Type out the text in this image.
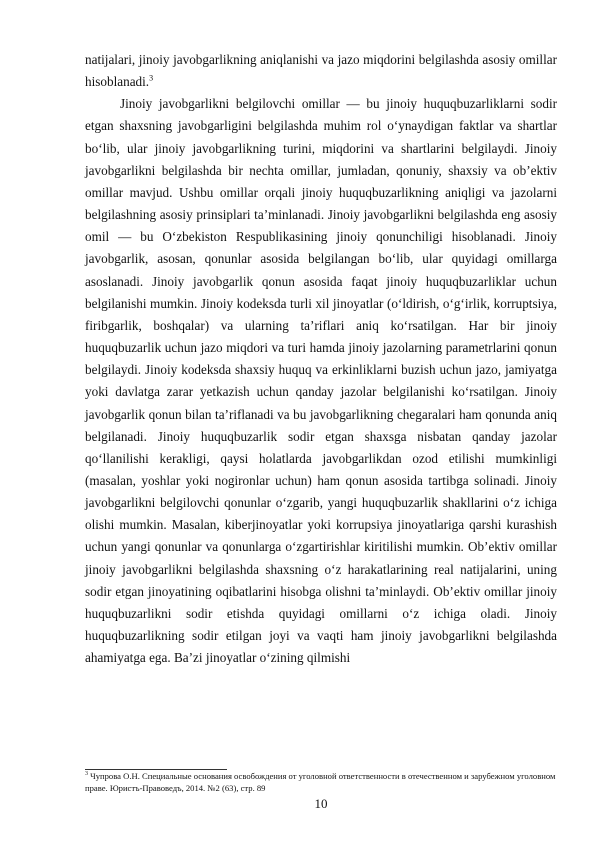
natijalari, jinoiy javobgarlikning aniqlanishi va jazo miqdorini belgilashda asosiy omillar hisoblanadi.$^3$

Jinoiy javobgarlikni belgilovchi omillar — bu jinoiy huquqbuzarliklarni sodir etgan shaxsning javobgarligini belgilashda muhim rol o‘ynaydigan faktlar va shartlar bo‘lib, ular jinoiy javobgarlikning turini, miqdorini va shartlarini belgilaydi. Jinoiy javobgarlikni belgilashda bir nechta omillar, jumladan, qonuniy, shaxsiy va ob’ektiv omillar mavjud. Ushbu omillar orqali jinoiy huquqbuzarlikning aniqligi va jazolarni belgilashning asosiy prinsiplari ta’minlanadi. Jinoiy javobgarlikni belgilashda eng asosiy omil — bu O‘zbekiston Respublikasining jinoiy qonunchiligi hisoblanadi. Jinoiy javobgarlik, asosan, qonunlar asosida belgilangan bo‘lib, ular quyidagi omillarga asoslanadi. Jinoiy javobgarlik qonun asosida faqat jinoiy huquqbuzarliklar uchun belgilanishi mumkin. Jinoiy kodeksda turli xil jinoyatlar (o‘ldirish, o‘g‘irlik, korruptsiya, firibgarlik, boshqalar) va ularning ta’riflari aniq ko‘rsatilgan. Har bir jinoiy huquqbuzarlik uchun jazo miqdori va turi hamda jinoiy jazolarning parametrlarini qonun belgilaydi. Jinoiy kodeksda shaxsiy huquq va erkinliklarni buzish uchun jazo, jamiyatga yoki davlatga zarar yetkazish uchun qanday jazolar belgilanishi ko‘rsatilgan. Jinoiy javobgarlik qonun bilan ta’riflanadi va bu javobgarlikning chegaralari ham qonunda aniq belgilanadi. Jinoiy huquqbuzarlik sodir etgan shaxsga nisbatan qanday jazolar qo‘llanilishi kerakligi, qaysi holatlarda javobgarlikdan ozod etilishi mumkinligi (masalan, yoshlar yoki nogironlar uchun) ham qonun asosida tartibga solinadi. Jinoiy javobgarlikni belgilovchi qonunlar o‘zgarib, yangi huquqbuzarlik shakllarini o‘z ichiga olishi mumkin. Masalan, kiberjinoyatlar yoki korrupsiya jinoyatlariga qarshi kurashish uchun yangi qonunlar va qonunlarga o‘zgartirishlar kiritilishi mumkin. Ob’ektiv omillar jinoiy javobgarlikni belgilashda shaxsning o‘z harakatlarining real natijalarini, uning sodir etgan jinoyatining oqibatlarini hisobga olishni ta’minlaydi. Ob’ektiv omillar jinoiy huquqbuzarlikni sodir etishda quyidagi omillarni o‘z ichiga oladi. Jinoiy huquqbuzarlikning sodir etilgan joyi va vaqti ham jinoiy javobgarlikni belgilashda ahamiyatga ega. Ba’zi jinoyatlar o‘zining qilmishi

$^3$ Чупрова О.Н. Специальные основания освобождения от уголовной ответственности в отечественном и зарубежном уголовном праве. Юристъ-Правоведъ, 2014. №2 (63), стр. 89
10
